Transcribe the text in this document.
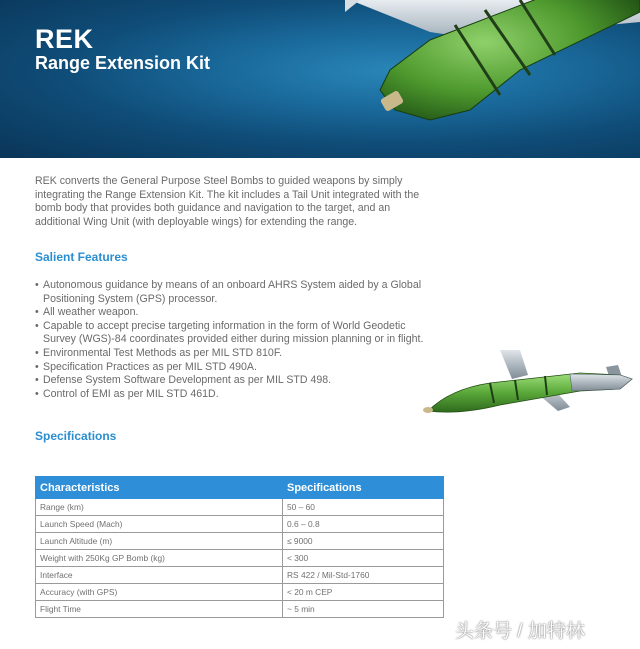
REK
Range Extension Kit

REK converts the General Purpose Steel Bombs to guided weapons by simply integrating the Range Extension Kit. The kit includes a Tail Unit integrated with the bomb body that provides both guidance and navigation to the target, and an additional Wing Unit (with deployable wings) for extending the range.

Salient Features
• Autonomous guidance by means of an onboard AHRS System aided by a Global Positioning System (GPS) processor.
• All weather weapon.
• Capable to accept precise targeting information in the form of World Geodetic Survey (WGS)-84 coordinates provided either during mission planning or in flight.
• Environmental Test Methods as per MIL STD 810F.
• Specification Practices as per MIL STD 490A.
• Defense System Software Development as per MIL STD 498.
• Control of EMI as per MIL STD 461D.
Specifications
Characteristics	Specifications
Range (km)	50 – 60
Launch Speed (Mach)	0.6 – 0.8
Launch Altitude (m)	≤ 9000
Weight with 250Kg GP Bomb (kg)	< 300
Interface	RS 422 / Mil-Std-1760
Accuracy (with GPS)	< 20 m CEP
Flight Time	~ 5 min

头条号 / 加特林
